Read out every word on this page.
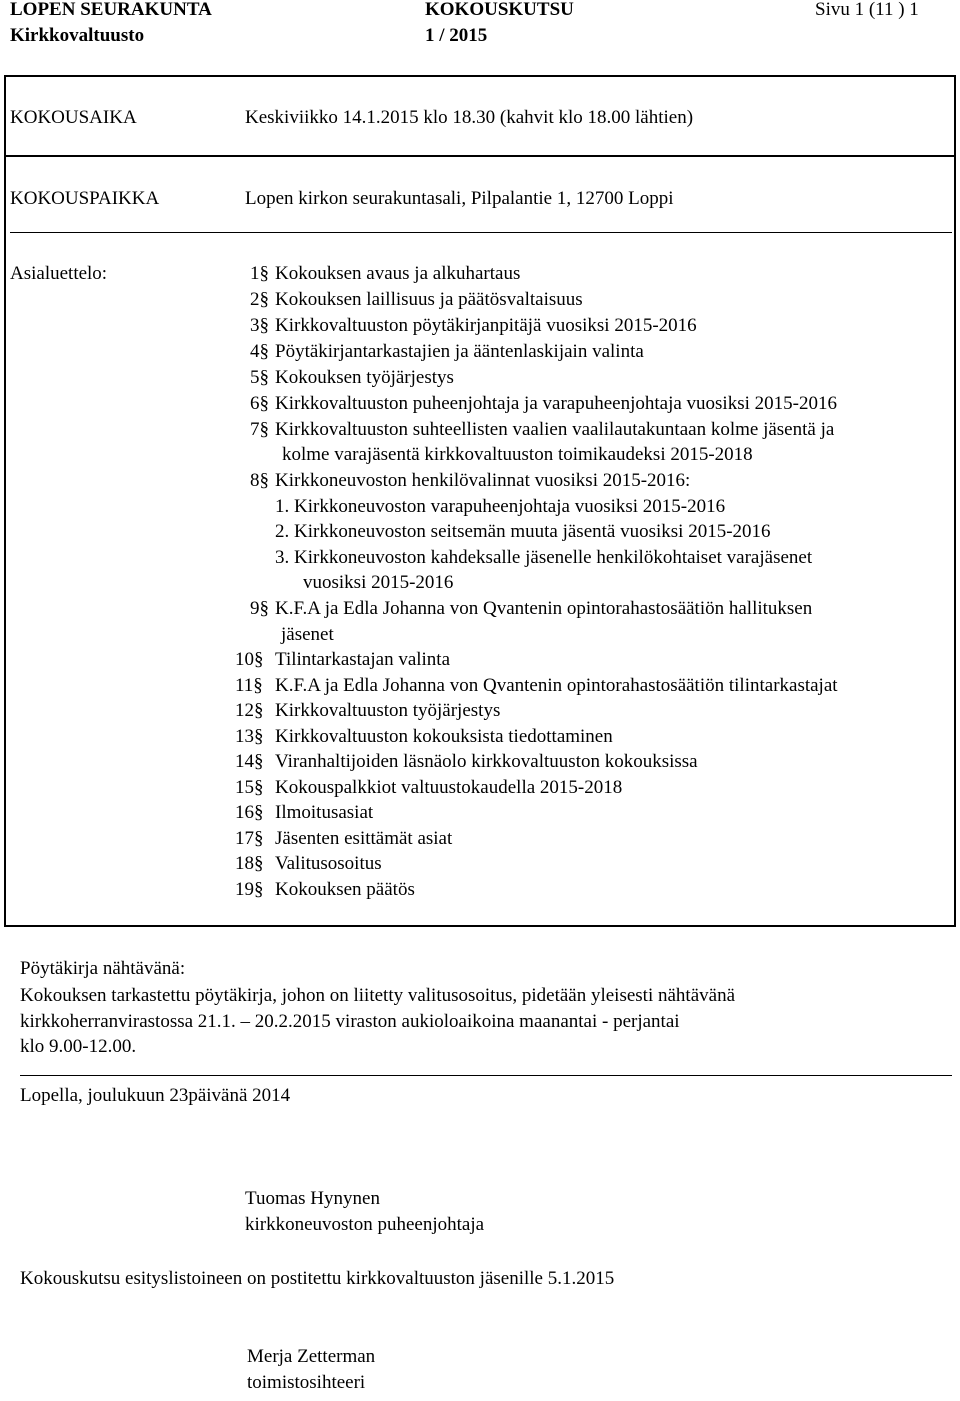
LOPEN SEURAKUNTA
Kirkkovaltuusto
KOKOUSKUTSU
1 / 2015
Sivu 1 (11 ) 1
KOKOUSAIKA	Keskiviikko 14.1.2015 klo 18.30 (kahvit klo 18.00 lähtien)
KOKOUSPAIKKA	Lopen kirkon seurakuntasali, Pilpalantie 1, 12700 Loppi
Asialuettelo:	1§ Kokouksen avaus ja alkuhartaus
2§ Kokouksen laillisuus ja päätösvaltaisuus
3§ Kirkkovaltuuston pöytäkirjanpitäjä vuosiksi 2015-2016
4§ Pöytäkirjantarkastajien ja ääntenlaskijain valinta
5§ Kokouksen työjärjestys
6§ Kirkkovaltuuston puheenjohtaja ja varapuheenjohtaja vuosiksi 2015-2016
7§ Kirkkovaltuuston suhteellisten vaalien vaalilautakuntaan kolme jäsentä ja
kolme varajäsentä kirkkovaltuuston toimikaudeksi 2015-2018
8§ Kirkkoneuvoston henkilövalinnat vuosiksi 2015-2016:
1. Kirkkoneuvoston varapuheenjohtaja vuosiksi 2015-2016
2. Kirkkoneuvoston seitsemän muuta jäsentä vuosiksi 2015-2016
3. Kirkkoneuvoston kahdeksalle jäsenelle henkilökohtaiset varajäsenet
vuosiksi 2015-2016
9§ K.F.A ja Edla Johanna von Qvantenin opintorahastosäätiön hallituksen
jäsenet
10§ Tilintarkastajan valinta
11§ K.F.A ja Edla Johanna von Qvantenin opintorahastosäätiön tilintarkastajat
12§ Kirkkovaltuuston työjärjestys
13§ Kirkkovaltuuston kokouksista tiedottaminen
14§ Viranhaltijoiden läsnäolo kirkkovaltuuston kokouksissa
15§ Kokouspalkkiot valtuustokaudella 2015-2018
16§ Ilmoitusasiat
17§ Jäsenten esittämät asiat
18§ Valitusosoitus
19§ Kokouksen päätös
Pöytäkirja nähtävänä:
Kokouksen tarkastettu pöytäkirja, johon on liitetty valitusosoitus, pidetään yleisesti nähtävänä
kirkkoherranvirastossa 21.1. – 20.2.2015 viraston aukioloaikoina maanantai - perjantai
klo 9.00-12.00.
Lopella, joulukuun 23päivänä 2014
Tuomas Hynynen
kirkkoneuvoston puheenjohtaja
Kokouskutsu esityslistoineen on postitettu kirkkovaltuuston jäsenille 5.1.2015
Merja Zetterman
toimistosihteeri
